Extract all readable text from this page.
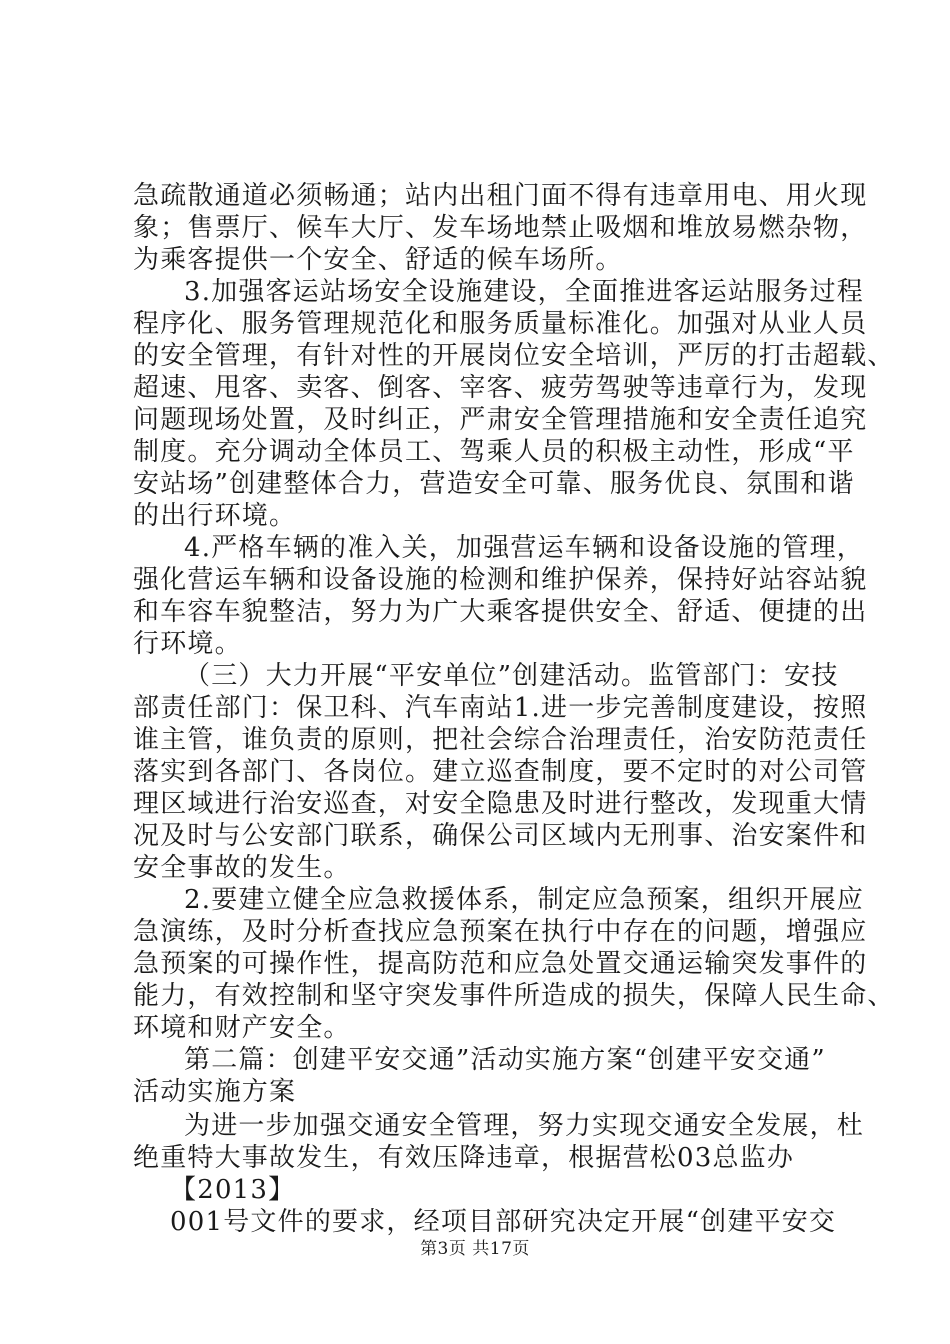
急疏散通道必须畅通；站内出租门面不得有违章用电、用火现
象；售票厅、候车大厅、发车场地禁止吸烟和堆放易燃杂物，
为乘客提供一个安全、舒适的候车场所。
3.加强客运站场安全设施建设，全面推进客运站服务过程
程序化、服务管理规范化和服务质量标准化。加强对从业人员
的安全管理，有针对性的开展岗位安全培训，严厉的打击超载、
超速、甩客、卖客、倒客、宰客、疲劳驾驶等违章行为，发现
问题现场处置，及时纠正，严肃安全管理措施和安全责任追究
制度。充分调动全体员工、驾乘人员的积极主动性，形成“平
安站场”创建整体合力，营造安全可靠、服务优良、氛围和谐
的出行环境。
4.严格车辆的准入关，加强营运车辆和设备设施的管理，
强化营运车辆和设备设施的检测和维护保养，保持好站容站貌
和车容车貌整洁，努力为广大乘客提供安全、舒适、便捷的出
行环境。
（三）大力开展“平安单位”创建活动。监管部门：安技
部责任部门：保卫科、汽车南站1.进一步完善制度建设，按照
谁主管，谁负责的原则，把社会综合治理责任，治安防范责任
落实到各部门、各岗位。建立巡查制度，要不定时的对公司管
理区域进行治安巡查，对安全隐患及时进行整改，发现重大情
况及时与公安部门联系，确保公司区域内无刑事、治安案件和
安全事故的发生。
2.要建立健全应急救援体系，制定应急预案，组织开展应
急演练，及时分析查找应急预案在执行中存在的问题，增强应
急预案的可操作性，提高防范和应急处置交通运输突发事件的
能力，有效控制和坚守突发事件所造成的损失，保障人民生命、
环境和财产安全。
第二篇：创建平安交通”活动实施方案“创建平安交通”
活动实施方案
为进一步加强交通安全管理，努力实现交通安全发展，杜
绝重特大事故发生，有效压降违章，根据营松03总监办
【2013】
001号文件的要求，经项目部研究决定开展“创建平安交
第3页 共17页
